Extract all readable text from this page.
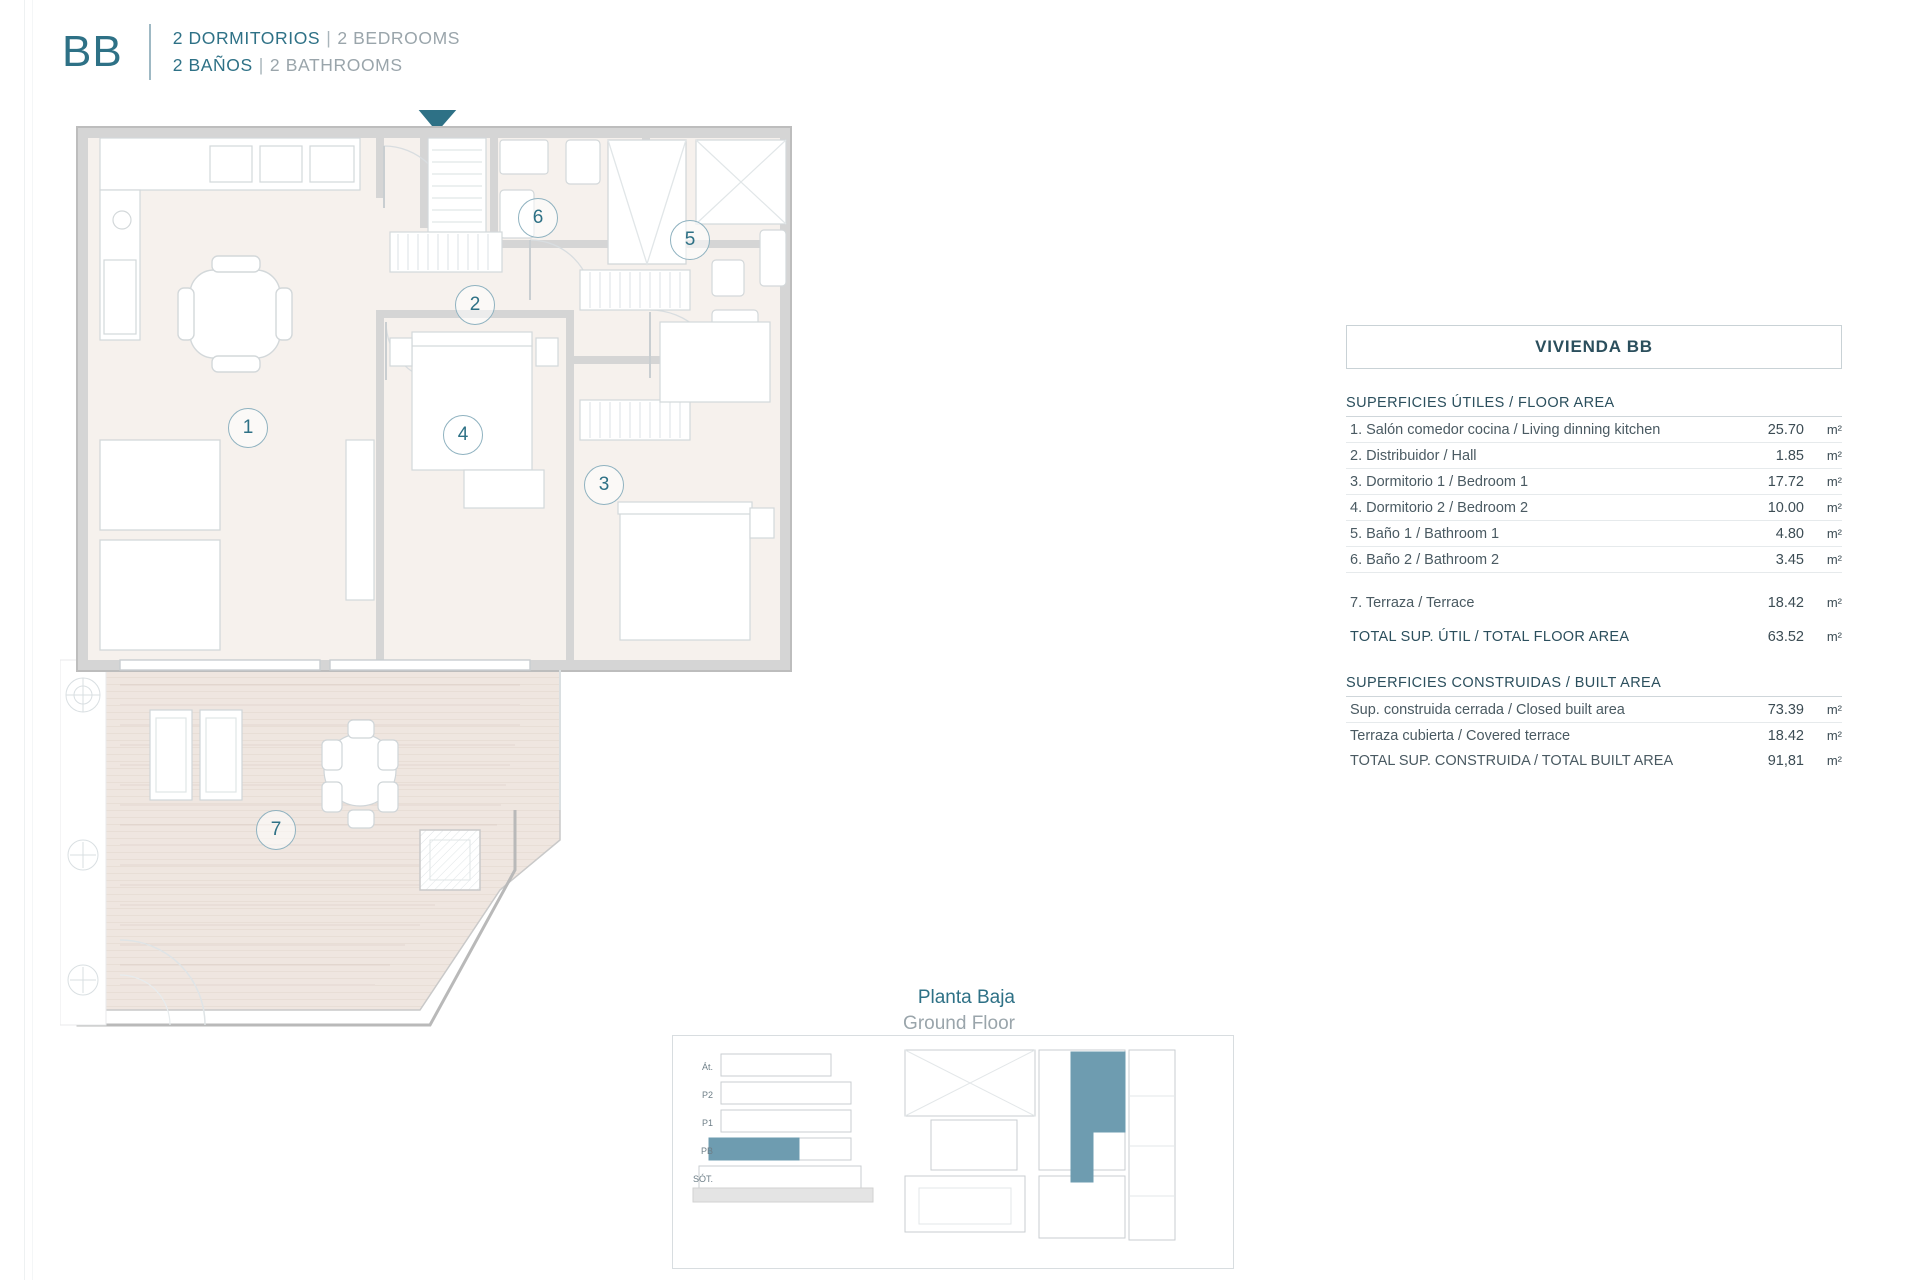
BB	2 DORMITORIOS | 2 BEDROOMS
2 BAÑOS | 2 BATHROOMS
1
2
3
4
5
6
7
Planta Baja
Ground Floor
Át.
P2
P1
PB
SÓT.
VIVIENDA BB
SUPERFICIES ÚTILES / FLOOR AREA
1. Salón comedor cocina / Living dinning kitchen	25.70	m²
2. Distribuidor / Hall	1.85	m²
3. Dormitorio 1 / Bedroom 1	17.72	m²
4. Dormitorio 2 / Bedroom 2	10.00	m²
5. Baño 1 / Bathroom 1	4.80	m²
6. Baño 2 / Bathroom 2	3.45	m²
7. Terraza / Terrace	18.42	m²
TOTAL SUP. ÚTIL / TOTAL FLOOR AREA	63.52	m²
SUPERFICIES CONSTRUIDAS / BUILT AREA
Sup. construida cerrada / Closed built area	73.39	m²
Terraza cubierta / Covered terrace	18.42	m²
TOTAL SUP. CONSTRUIDA / TOTAL BUILT AREA	91,81	m²
